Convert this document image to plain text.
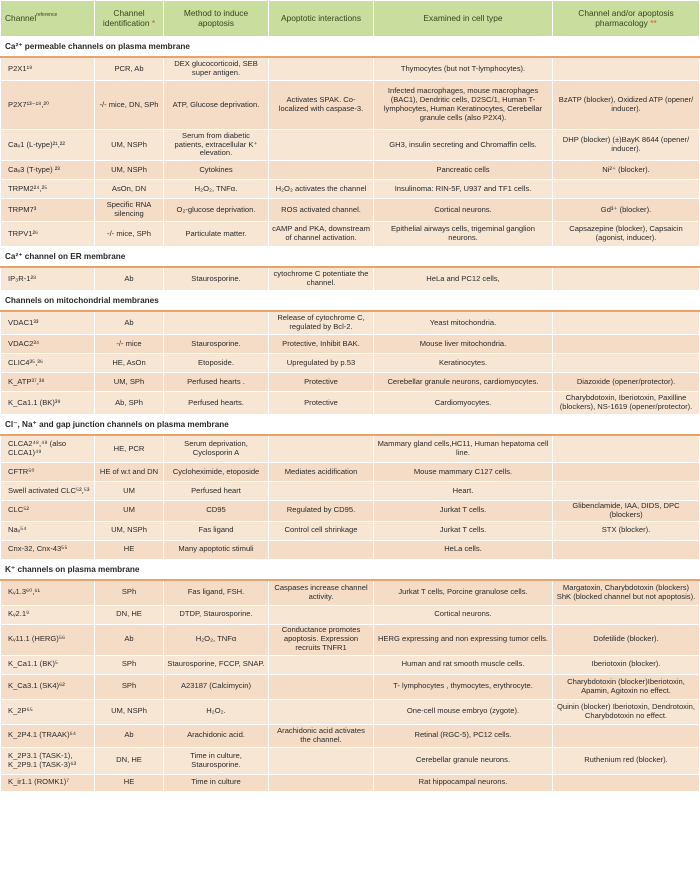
Channel$^{reference}$	Channel identification *	Method to induce apoptosis	Apoptotic interactions	Examined in cell type	Channel and/or apoptosis pharmacology **
Ca²⁺ permeable channels on plasma membrane					
P2X1¹⁹	PCR, Ab	DEX glucocorticoid, SEB super antigen.		Thymocytes (but not T-lymphocytes).	
P2X7¹³⁻¹⁸,²⁰	-/- mice, DN, SPh	ATP, Glucose deprivation.	Activates SPAK. Co-localized with caspase-3.	Infected macrophages, mouse macrophages (BAC1), Dendritic cells, D2SC/1, Human T-lymphocytes, Human Keratinocytes, Cerebellar granule cells (also P2X4).	BzATP (blocker), Oxidized ATP (opener/ inducer).
Caᵥ1 (L-type)²¹,²²	UM, NSPh	Serum from diabetic patients, extracellular K⁺ elevation.		GH3, insulin secreting and Chromaffin cells.	DHP (blocker) (±)BayK 8644 (opener/ inducer).
Caᵥ3 (T-type) ²³	UM, NSPh	Cytokines		Pancreatic cells	Ni²⁺ (blocker).
TRPM2²⁴,²⁵	AsOn, DN	H₂O₂, TNFα.	H₂O₂ activates the channel	Insulinoma: RIN-5F, U937 and TF1 cells.	
TRPM7³	Specific RNA silencing	O₂-glucose deprivation.	ROS activated channel.	Cortical neurons.	Gd³⁺ (blocker).
TRPV1²⁶	-/- mice, SPh	Particulate matter.	cAMP and PKA, downstream of channel activation.	Epithelial airways cells, trigeminal ganglion neurons.	Capsazepine (blocker), Capsaicin (agonist, inducer).
Ca²⁺ channel on ER membrane					
IP₃R-1²⁸	Ab	Staurosporine.	cytochrome C potentiate the channel.	HeLa and PC12 cells,	
Channels on mitochondrial membranes					
VDAC1³³	Ab		Release of cytochrome C, regulated by Bcl-2.	Yeast mitochondria.	
VDAC2³⁴	-/- mice	Staurosporine.	Protective, Inhibit BAK.	Mouse liver mitochondria.	
CLIC4³⁵,³⁶	HE, AsOn	Etoposide.	Upregulated by p.53	Keratinocytes.	
K_ATP³⁷,³⁸	UM, SPh	Perfused hearts .	Protective	Cerebellar granule neurons, cardiomyocytes.	Diazoxide (opener/protector).
K_Ca1.1 (BK)³⁹	Ab, SPh	Perfused hearts.	Protective	Cardiomyocytes.	Charybdotoxin, Iberiotoxin, Paxilline (blockers), NS-1619 (opener/protector).
Cl⁻, Na⁺ and gap junction channels on plasma membrane					
CLCA2⁴⁸,⁴⁹ (also CLCA1)⁴⁹	HE, PCR	Serum deprivation, Cyclosporin A		Mammary gland cells,HC11, Human hepatoma cell line.	
CFTR⁵⁰	HE of w.t and DN	Cycloheximide, etoposide	Mediates acidification	Mouse mammary C127 cells.	
Swell activated CLC⁵²,⁵³	UM	Perfused heart		Heart.	
CLC⁵²	UM	CD95	Regulated by CD95.	Jurkat T cells.	Glibenclamide, IAA, DIDS, DPC (blockers)
Naᵥ⁵⁴	UM, NSPh	Fas ligand	Control cell shrinkage	Jurkat T cells.	STX (blocker).
Cnx-32, Cnx-43⁵⁵	HE	Many apoptotic stimuli		HeLa cells.	
K⁺ channels on plasma membrane					
Kᵥ1.3⁶⁰,⁶¹	SPh	Fas ligand, FSH.	Caspases increase channel activity.	Jurkat T cells, Porcine granulose cells.	Margatoxin, Charybdotoxin (blockers) ShK (blocked channel but not apoptosis).
Kᵥ2.1⁹	DN, HE	DTDP, Staurosporine.		Cortical neurons.	
Kᵥ11.1 (HERG)⁵⁶	Ab	H₂O₂, TNFα	Conductance promotes apoptosis. Expression recruits TNFR1	HERG expressing and non expressing tumor cells.	Dofetilide (blocker).
K_Ca1.1 (BK)⁵	SPh	Staurosporine, FCCP, SNAP.		Human and rat smooth muscle cells.	Iberiotoxin (blocker).
K_Ca3.1 (SK4)⁶²	SPh	A23187 (Calcimycin)		T- lymphocytes , thymocytes, erythrocyte.	Charybdotoxin (blocker)Iberiotoxin, Apamin, Agitoxin no effect.
K_2P⁶⁵	UM, NSPh	H₂O₂.		One-cell mouse embryo (zygote).	Quinin (blocker) Iberiotoxin, Dendrotoxin, Charybdotoxin no effect.
K_2P4.1 (TRAAK)⁶⁴	Ab	Arachidonic acid.	Arachidonic acid activates the channel.	Retinal (RGC-5), PC12 cells.	
K_2P3.1 (TASK-1), K_2P9.1 (TASK-3)⁶³	DN, HE	Time in culture, Staurosporine.		Cerebellar granule neurons.	Ruthenium red (blocker).
K_ir1.1 (ROMK1)⁷	HE	Time in culture		Rat hippocampal neurons.	
